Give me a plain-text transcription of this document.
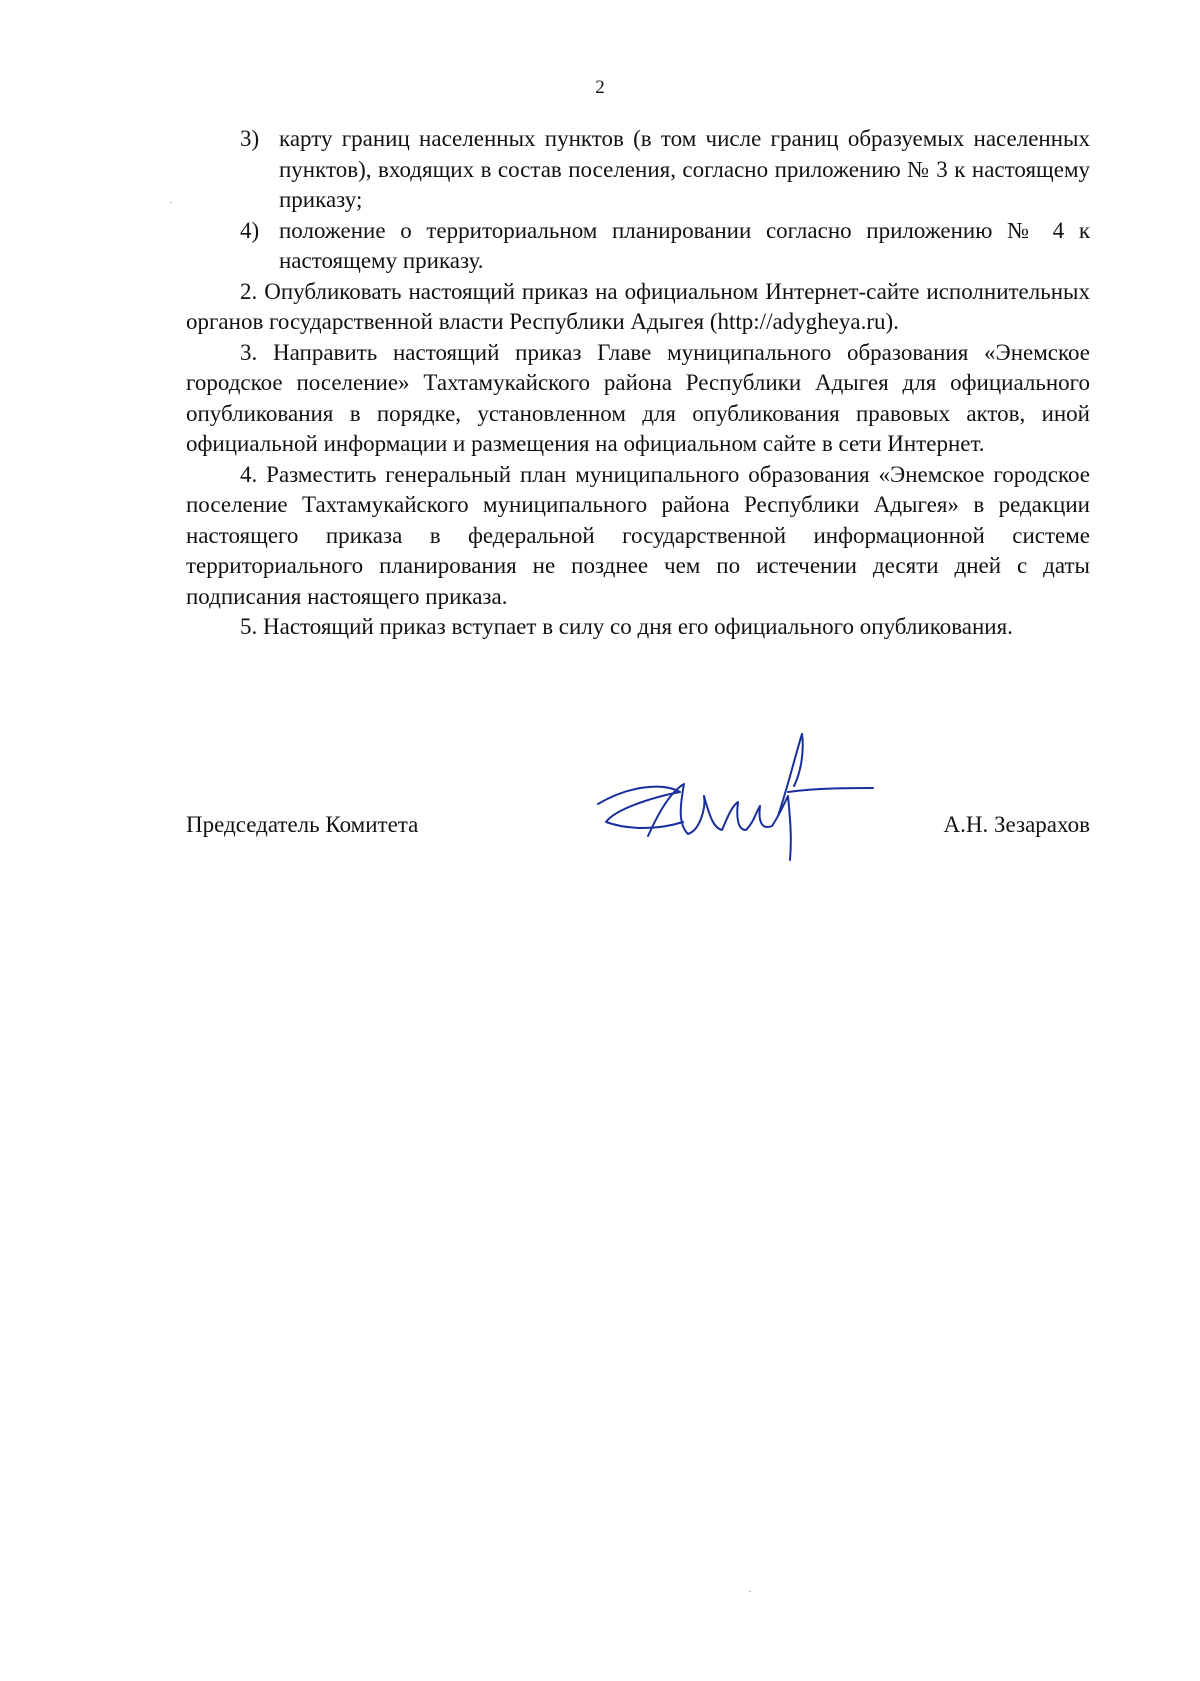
2
3) карту границ населенных пунктов (в том числе границ образуемых населенных пунктов), входящих в состав поселения, согласно приложению № 3 к настоящему приказу;
4) положение о территориальном планировании согласно приложению № 4 к настоящему приказу.

2. Опубликовать настоящий приказ на официальном Интернет-сайте исполнительных органов государственной власти Республики Адыгея (http://adygheya.ru).

3. Направить настоящий приказ Главе муниципального образования «Энемское городское поселение» Тахтамукайского района Республики Адыгея для официального опубликования в порядке, установленном для опубликования правовых актов, иной официальной информации и размещения на официальном сайте в сети Интернет.

4. Разместить генеральный план муниципального образования «Энемское городское поселение Тахтамукайского муниципального района Республики Адыгея» в редакции настоящего приказа в федеральной государственной информационной системе территориального планирования не позднее чем по истечении десяти дней с даты подписания настоящего приказа.

5. Настоящий приказ вступает в силу со дня его официального опубликования.

Председатель Комитета	А.Н. Зезарахов
